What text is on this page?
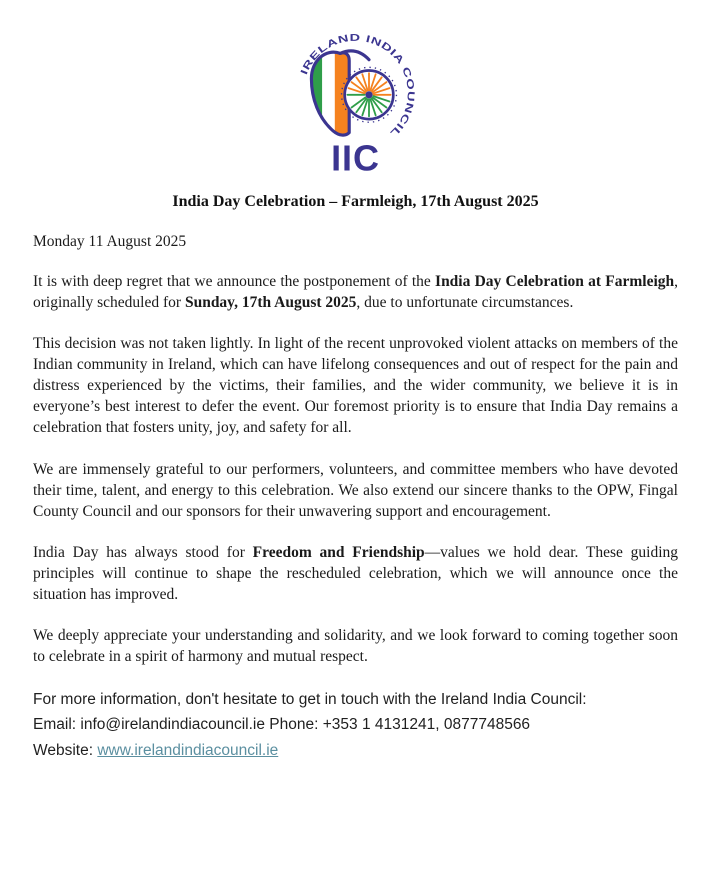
IRELAND INDIA COUNCIL
IIC
India Day Celebration – Farmleigh, 17th August 2025

Monday 11 August 2025

It is with deep regret that we announce the postponement of the India Day Celebration at Farmleigh, originally scheduled for Sunday, 17th August 2025, due to unfortunate circumstances.

This decision was not taken lightly. In light of the recent unprovoked violent attacks on members of the Indian community in Ireland, which can have lifelong consequences and out of respect for the pain and distress experienced by the victims, their families, and the wider community, we believe it is in everyone’s best interest to defer the event. Our foremost priority is to ensure that India Day remains a celebration that fosters unity, joy, and safety for all.

We are immensely grateful to our performers, volunteers, and committee members who have devoted their time, talent, and energy to this celebration. We also extend our sincere thanks to the OPW, Fingal County Council and our sponsors for their unwavering support and encouragement.

India Day has always stood for Freedom and Friendship—values we hold dear. These guiding principles will continue to shape the rescheduled celebration, which we will announce once the situation has improved.

We deeply appreciate your understanding and solidarity, and we look forward to coming together soon to celebrate in a spirit of harmony and mutual respect.

For more information, don't hesitate to get in touch with the Ireland India Council:

Email: info@irelandindiacouncil.ie Phone: +353 1 4131241, 0877748566

Website: www.irelandindiacouncil.ie
